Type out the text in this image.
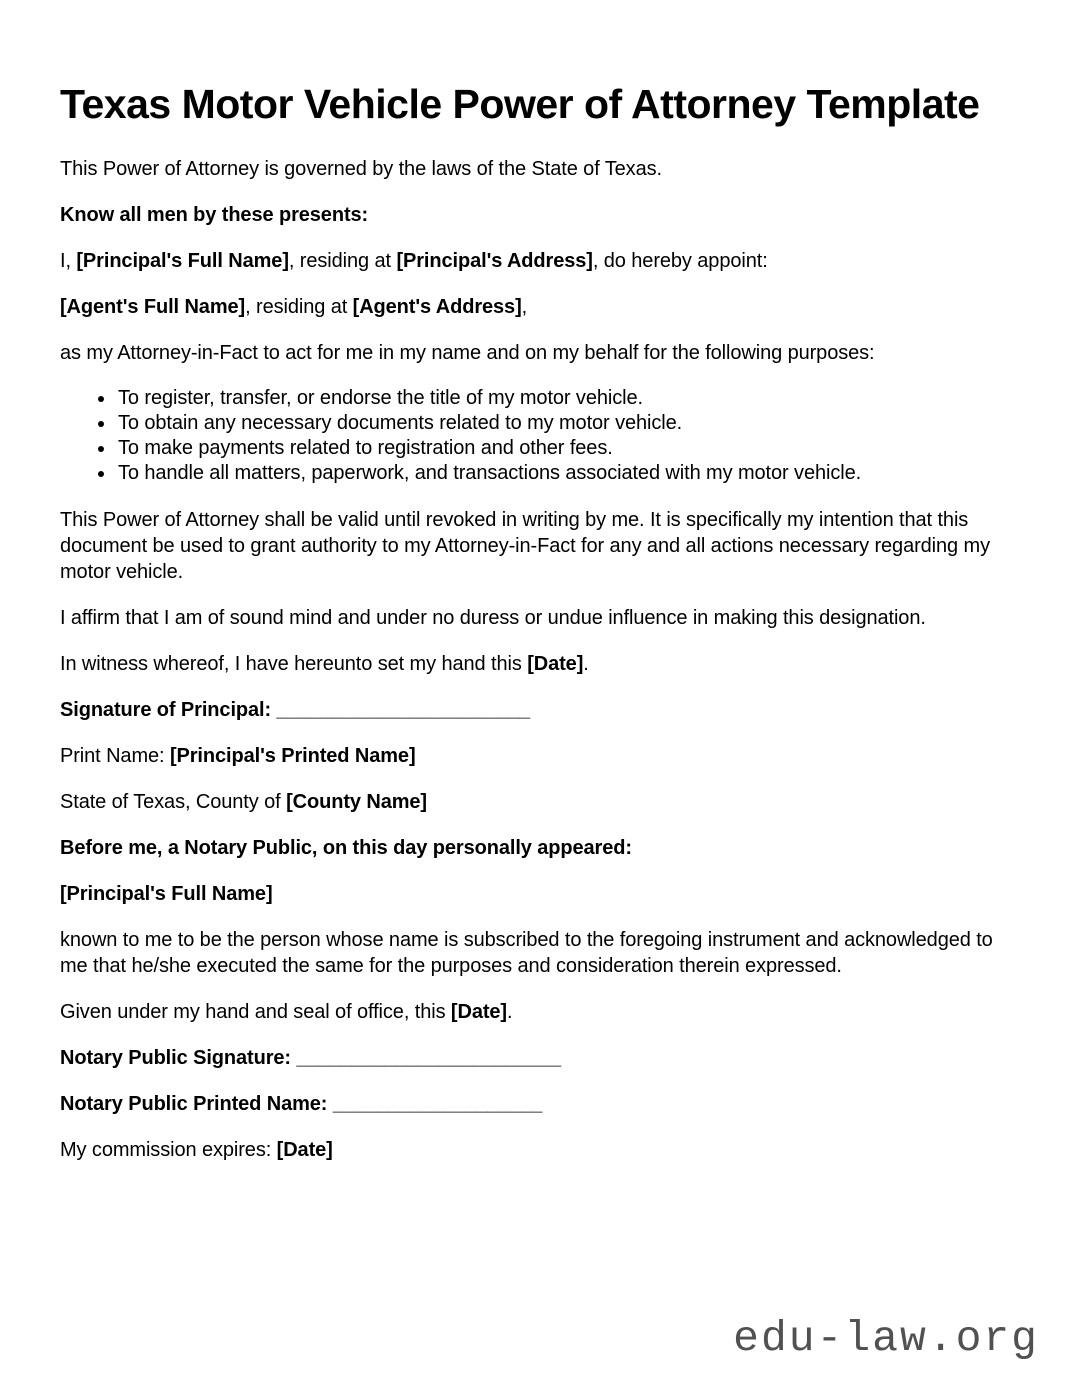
Texas Motor Vehicle Power of Attorney Template

This Power of Attorney is governed by the laws of the State of Texas.

Know all men by these presents:

I, [Principal's Full Name], residing at [Principal's Address], do hereby appoint:

[Agent's Full Name], residing at [Agent's Address],

as my Attorney-in-Fact to act for me in my name and on my behalf for the following purposes:

• To register, transfer, or endorse the title of my motor vehicle.
• To obtain any necessary documents related to my motor vehicle.
• To make payments related to registration and other fees.
• To handle all matters, paperwork, and transactions associated with my motor vehicle.

This Power of Attorney shall be valid until revoked in writing by me. It is specifically my intention that this document be used to grant authority to my Attorney-in-Fact for any and all actions necessary regarding my motor vehicle.

I affirm that I am of sound mind and under no duress or undue influence in making this designation.

In witness whereof, I have hereunto set my hand this [Date].

Signature of Principal: _______________________

Print Name: [Principal's Printed Name]

State of Texas, County of [County Name]

Before me, a Notary Public, on this day personally appeared:

[Principal's Full Name]

known to me to be the person whose name is subscribed to the foregoing instrument and acknowledged to me that he/she executed the same for the purposes and consideration therein expressed.

Given under my hand and seal of office, this [Date].

Notary Public Signature: ________________________

Notary Public Printed Name: ___________________

My commission expires: [Date]

edu-law.org
